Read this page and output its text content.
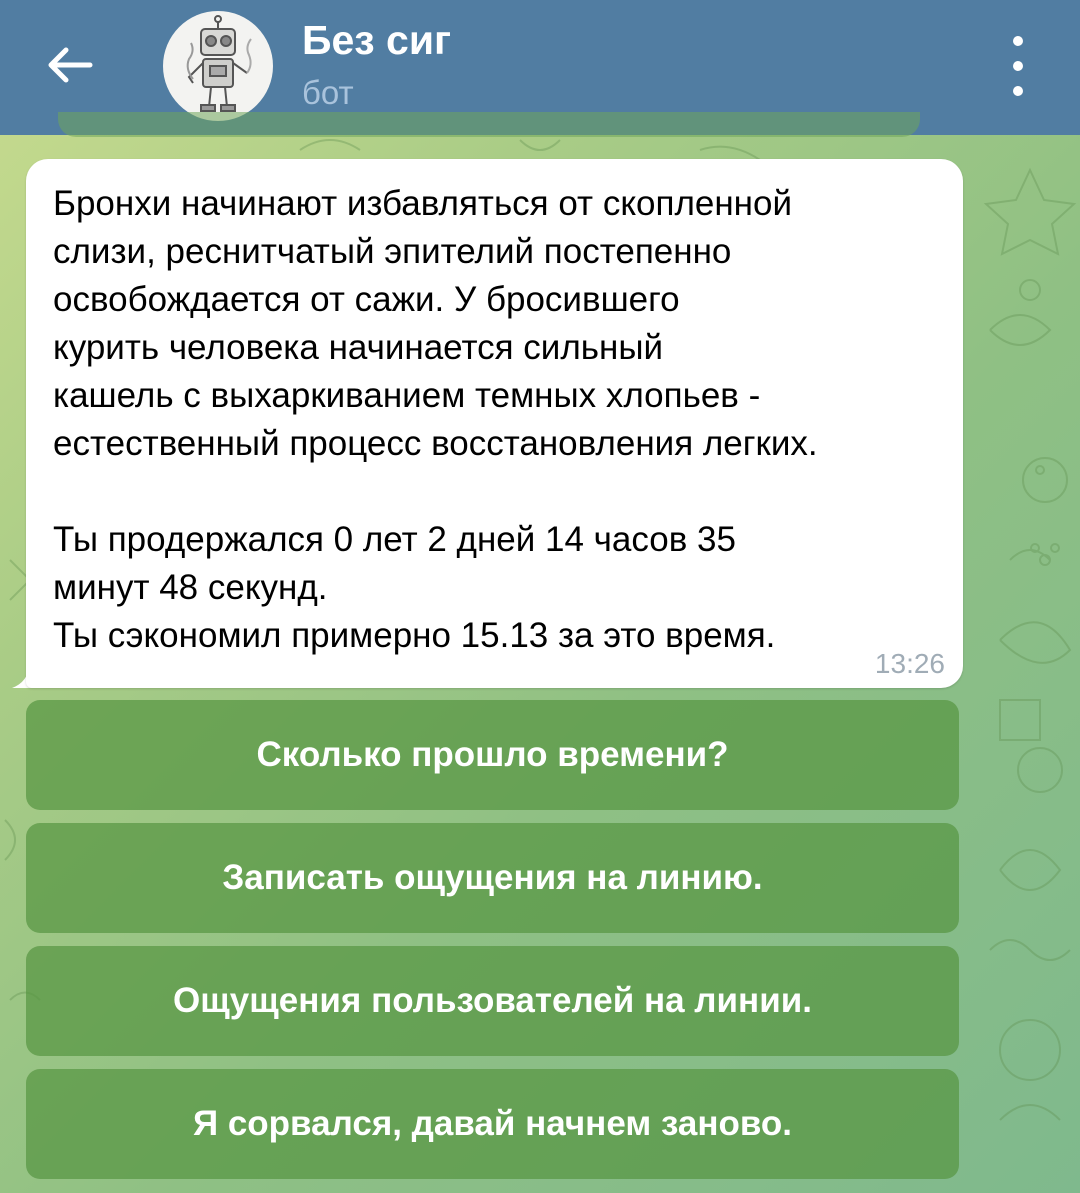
Без сиг
бот
Бронхи начинают избавляться от скопленной
слизи, реснитчатый эпителий постепенно
освобождается от сажи. У бросившего
курить человека начинается сильный
кашель с выхаркиванием темных хлопьев -
естественный процесс восстановления легких.

Ты продержался 0 лет 2 дней 14 часов 35
минут 48 секунд.
Ты сэкономил примерно 15.13 за это время.
13:26
Сколько прошло времени?
Записать ощущения на линию.
Ощущения пользователей на линии.
Я сорвался, давай начнем заново.
